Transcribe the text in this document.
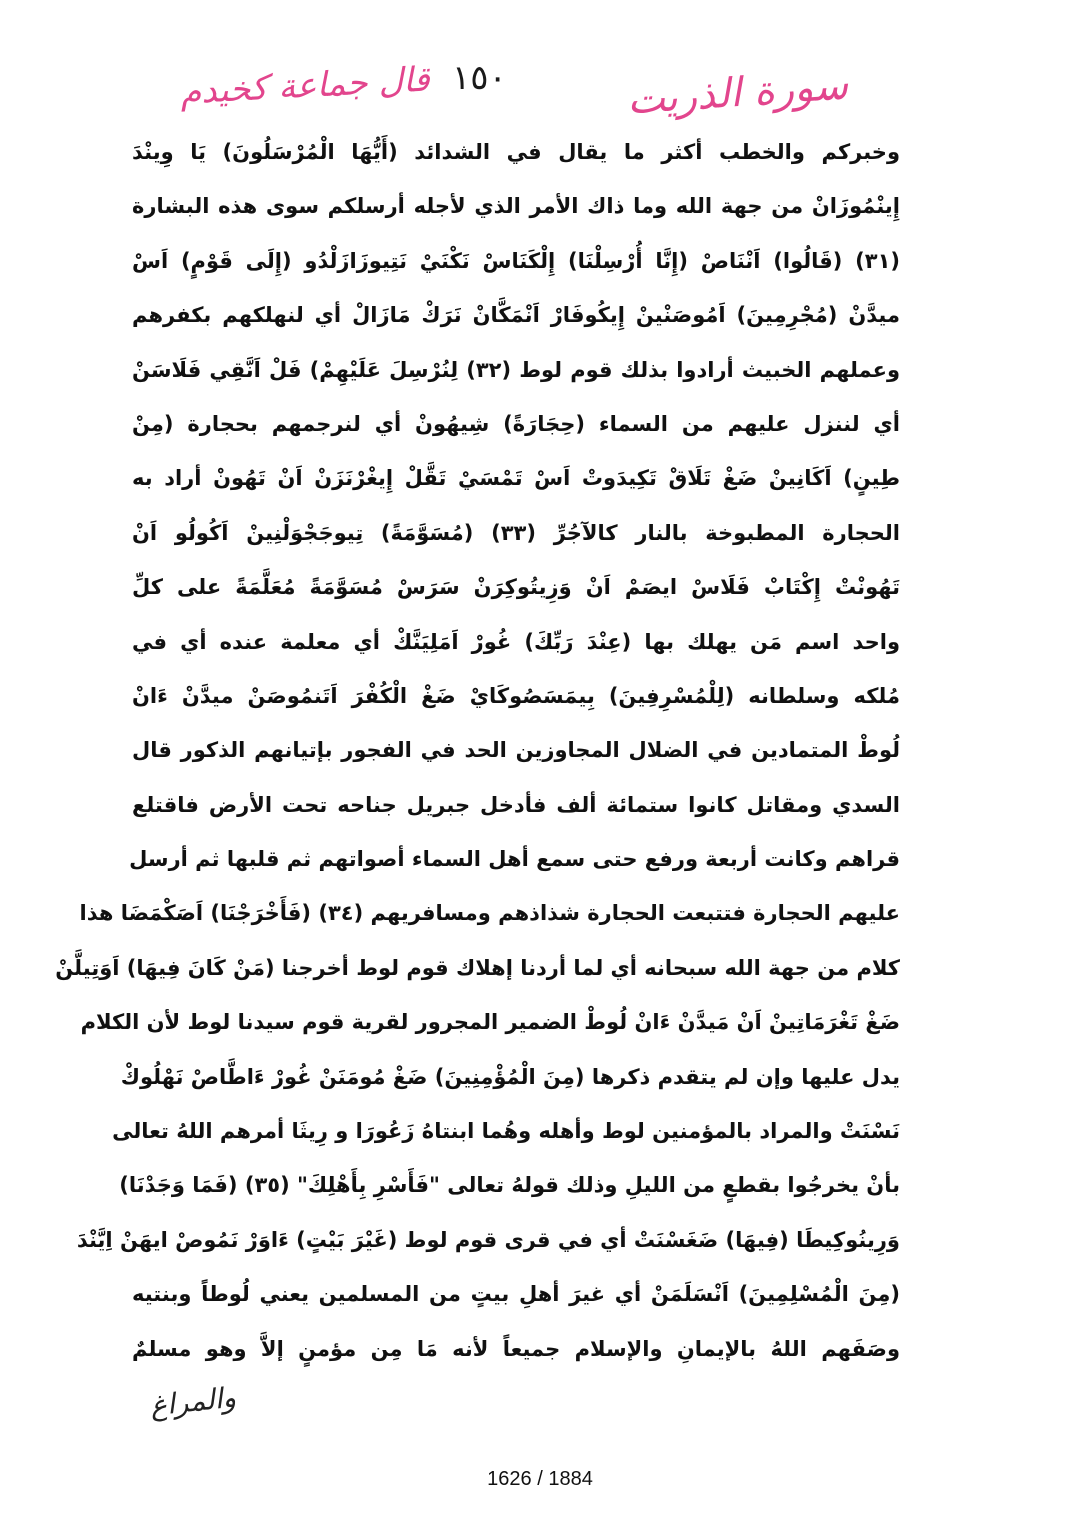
قال جماعة كخيدم ١٥٠	سورة الذريت
وخبركم والخطب أكثر ما يقال في الشدائد (أَيُّهَا الْمُرْسَلُونَ) يَا وِينْدَ
إِينْمُوزَانْ من جهة الله وما ذاك الأمر الذي لأجله أرسلكم سوى هذه البشارة
(٣١) (قَالُوا) اَنْنَاصْ (إِنَّا أُرْسِلْنَا) إِلْكَنَاسْ نَكْنَيْ نَتِيوزَازَلْدُو (إِلَى قَوْمٍ) اَسْ
ميدَّنْ (مُجْرِمِينَ) اَمُوصَنْينْ إِيكُوفَارْ اَنْمَكَّانْ نَرَكْ مَازَالْ أي لنهلكهم بكفرهم
وعملهم الخبيث أرادوا بذلك قوم لوط (٣٢) لِنُرْسِلَ عَلَيْهِمْ) فَلْ اَنَّقِي فَلَاسَنْ
أي لننزل عليهم من السماء (حِجَارَةً) شِيهُونْ أي لنرجمهم بحجارة (مِنْ
طِينٍ) اَكَانِينْ ضَغْ تَلَاقْ تَكِيدَوتْ اَسْ تَمْسَيْ تَقَّلْ إِيغْرْنَزَنْ اَنْ تَهُونْ أراد به
الحجارة المطبوخة بالنار كالآجُرِّ (٣٣) (مُسَوَّمَةً) تِيوجَجْوَلْنِينْ اَكُولُو اَنْ
تَهُونْتْ إِكْتَابْ فَلَاسْ ايصَمْ اَنْ وَزِيتُوكِرَنْ سَرَسْ مُسَوَّمَةً مُعَلَّمَةً على كلِّ
واحد اسم مَن يهلك بها (عِنْدَ رَبِّكَ) غُورْ اَمَلِيَنَّكْ أي معلمة عنده أي في
مُلكه وسلطانه (لِلْمُسْرِفِينَ) بِيمَسَصُوكَايْ ضَغْ الْكُفْرَ اَتَنمُوصَنْ ميدَّنْ ءَانْ
لُوطْ المتمادين في الضلال المجاوزين الحد في الفجور بإتيانهم الذكور قال
السدي ومقاتل كانوا ستمائة ألف فأدخل جبريل جناحه تحت الأرض فاقتلع
قراهم وكانت أربعة ورفع حتى سمع أهل السماء أصواتهم ثم قلبها ثم أرسل
عليهم الحجارة فتتبعت الحجارة شذاذهم ومسافريهم (٣٤) (فَأَخْرَجْنَا) اَصَكْمَضَا هذا
كلام من جهة الله سبحانه أي لما أردنا إهلاك قوم لوط أخرجنا (مَنْ كَانَ فِيهَا) اَوَتِيلَّنْ
ضَغْ تَغْرَمَاتِينْ اَنْ مَيدَّنْ ءَانْ لُوطْ الضمير المجرور لقرية قوم سيدنا لوط لأن الكلام
يدل عليها وإن لم يتقدم ذكرها (مِنَ الْمُؤْمِنِينَ) ضَغْ مُومَنَنْ غُورْ ءَاطَّاصْ نَهْلُوكْ
نَسْنَتْ والمراد بالمؤمنين لوط وأهله وهُما ابنتاهُ زَعُورَا و رِيثَا أمرهم اللهُ تعالى
بأنْ يخرجُوا بقطعٍ من الليلِ وذلك قولهُ تعالى "فَأَسْرِ بِأَهْلِكَ" (٣٥) (فَمَا وَجَدْنَا)
وَرِينُوكِيطَا (فِيهَا) ضَغَسْنَتْ أي في قرى قوم لوط (غَيْرَ بَيْتٍ) ءَاوَرْ نَمُوصْ ايهَنْ اِيَّنْدَ
(مِنَ الْمُسْلِمِينَ) اَنْسَلَمَنْ أي غيرَ أهلِ بيتٍ من المسلمين يعني لُوطاً وبنتيه
وصَفَهم اللهُ بالإيمانِ والإسلام جميعاً لأنه مَا مِن مؤمنٍ إلاَّ وهو مسلمٌ
والمراغ
1626 / 1884
